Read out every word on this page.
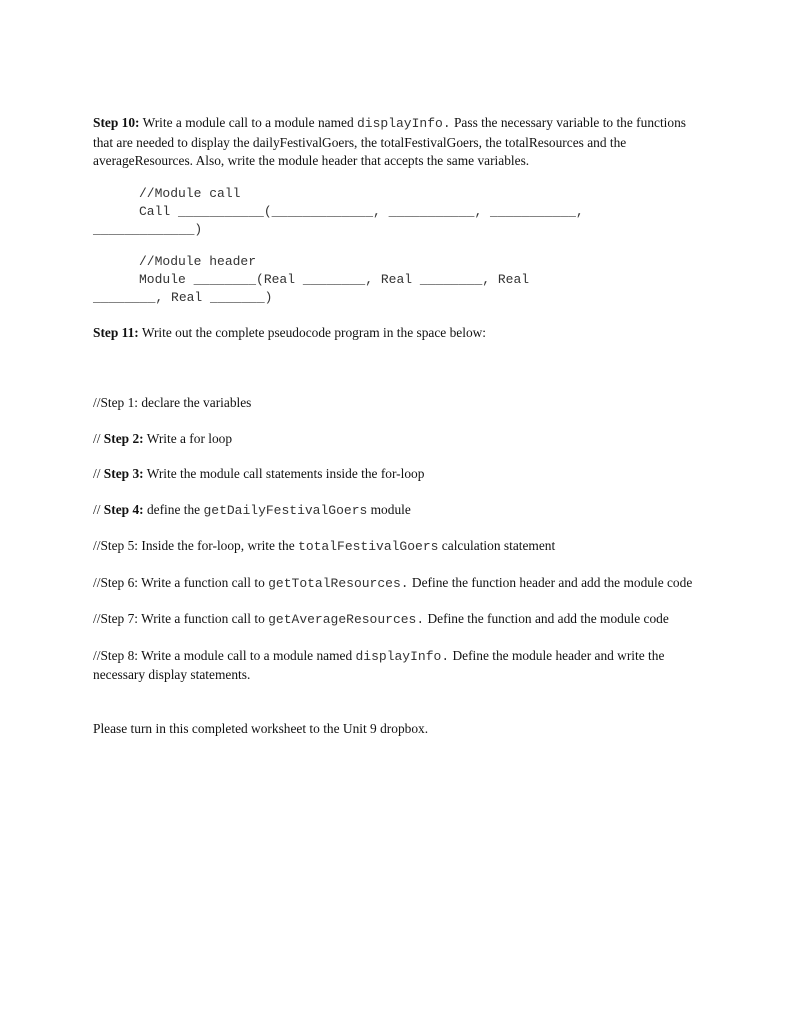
Step 10: Write a module call to a module named displayInfo. Pass the necessary variable to the functions that are needed to display the dailyFestivalGoers, the totalFestivalGoers, the totalResources and the averageResources. Also, write the module header that accepts the same variables.

//Module call
Call ___________(_____________, ___________, ___________,
_____________)
//Module header
Module ________(Real ________, Real ________, Real
________, Real _______)

Step 11: Write out the complete pseudocode program in the space below:

//Step 1: declare the variables

// Step 2: Write a for loop

// Step 3: Write the module call statements inside the for-loop

// Step 4: define the getDailyFestivalGoers module

//Step 5: Inside the for-loop, write the totalFestivalGoers calculation statement

//Step 6: Write a function call to getTotalResources. Define the function header and add the module code

//Step 7: Write a function call to getAverageResources. Define the function and add the module code

//Step 8: Write a module call to a module named displayInfo. Define the module header and write the necessary display statements.

Please turn in this completed worksheet to the Unit 9 dropbox.
